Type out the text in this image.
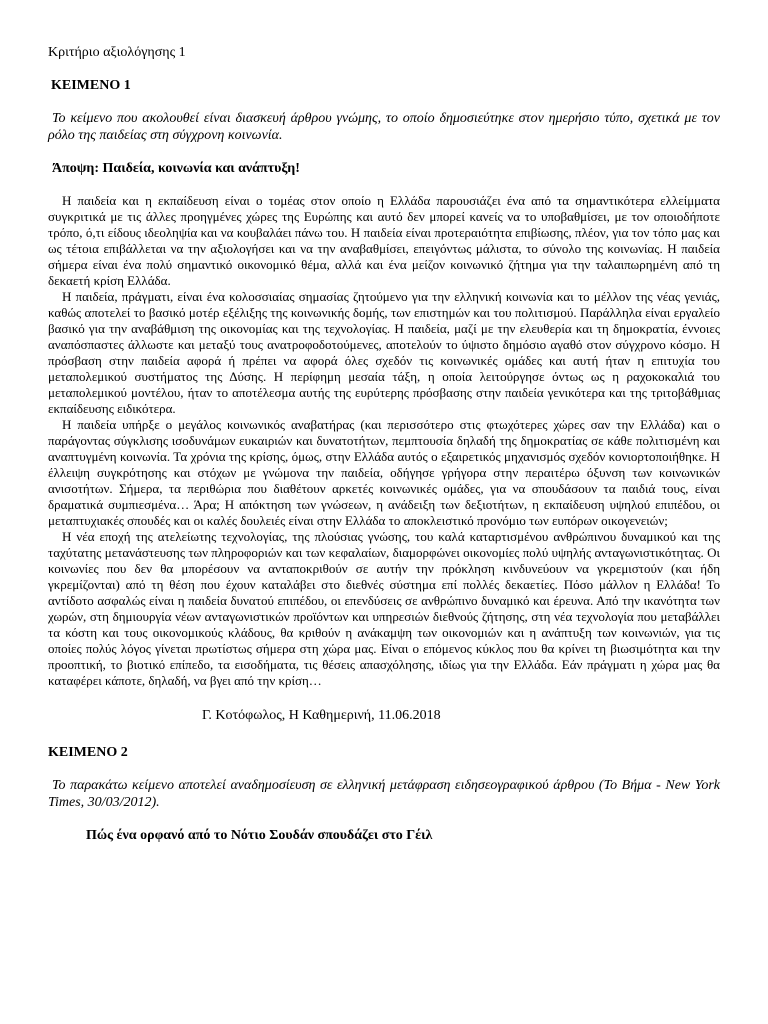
Κριτήριο αξιολόγησης 1
ΚΕΙΜΕΝΟ 1
Το κείμενο που ακολουθεί είναι διασκευή άρθρου γνώμης, το οποίο δημοσιεύτηκε στον ημερήσιο τύπο, σχετικά με τον ρόλο της παιδείας στη σύγχρονη κοινωνία.
Άποψη: Παιδεία, κοινωνία και ανάπτυξη!

Η παιδεία και η εκπαίδευση είναι ο τομέας στον οποίο η Ελλάδα παρουσιάζει ένα από τα σημαντικότερα ελλείμματα συγκριτικά με τις άλλες προηγμένες χώρες της Ευρώπης και αυτό δεν μπορεί κανείς να το υποβαθμίσει, με τον οποιοδήποτε τρόπο, ό,τι είδους ιδεοληψία και να κουβαλάει πάνω του. Η παιδεία είναι προτεραιότητα επιβίωσης, πλέον, για τον τόπο μας και ως τέτοια επιβάλλεται να την αξιολογήσει και να την αναβαθμίσει, επειγόντως μάλιστα, το σύνολο της κοινωνίας. Η παιδεία σήμερα είναι ένα πολύ σημαντικό οικονομικό θέμα, αλλά και ένα μείζον κοινωνικό ζήτημα για την ταλαιπωρημένη από τη δεκαετή κρίση Ελλάδα.

Η παιδεία, πράγματι, είναι ένα κολοσσιαίας σημασίας ζητούμενο για την ελληνική κοινωνία και το μέλλον της νέας γενιάς, καθώς αποτελεί το βασικό μοτέρ εξέλιξης της κοινωνικής δομής, των επιστημών και του πολιτισμού. Παράλληλα είναι εργαλείο βασικό για την αναβάθμιση της οικονομίας και της τεχνολογίας. Η παιδεία, μαζί με την ελευθερία και τη δημοκρατία, έννοιες αναπόσπαστες άλλωστε και μεταξύ τους ανατροφοδοτούμενες, αποτελούν το ύψιστο δημόσιο αγαθό στον σύγχρονο κόσμο. Η πρόσβαση στην παιδεία αφορά ή πρέπει να αφορά όλες σχεδόν τις κοινωνικές ομάδες και αυτή ήταν η επιτυχία του μεταπολεμικού συστήματος της Δύσης. Η περίφημη μεσαία τάξη, η οποία λειτούργησε όντως ως η ραχοκοκαλιά του μεταπολεμικού μοντέλου, ήταν το αποτέλεσμα αυτής της ευρύτερης πρόσβασης στην παιδεία γενικότερα και της τριτοβάθμιας εκπαίδευσης ειδικότερα.

Η παιδεία υπήρξε ο μεγάλος κοινωνικός αναβατήρας (και περισσότερο στις φτωχότερες χώρες σαν την Ελλάδα) και ο παράγοντας σύγκλισης ισοδυνάμων ευκαιριών και δυνατοτήτων, πεμπτουσία δηλαδή της δημοκρατίας σε κάθε πολιτισμένη και αναπτυγμένη κοινωνία. Τα χρόνια της κρίσης, όμως, στην Ελλάδα αυτός ο εξαιρετικός μηχανισμός σχεδόν κονιορτοποιήθηκε. Η έλλειψη συγκρότησης και στόχων με γνώμονα την παιδεία, οδήγησε γρήγορα στην περαιτέρω όξυνση των κοινωνικών ανισοτήτων. Σήμερα, τα περιθώρια που διαθέτουν αρκετές κοινωνικές ομάδες, για να σπουδάσουν τα παιδιά τους, είναι δραματικά συμπιεσμένα… Άρα; Η απόκτηση των γνώσεων, η ανάδειξη των δεξιοτήτων, η εκπαίδευση υψηλού επιπέδου, οι μεταπτυχιακές σπουδές και οι καλές δουλειές είναι στην Ελλάδα το αποκλειστικό προνόμιο των ευπόρων οικογενειών;

Η νέα εποχή της ατελείωτης τεχνολογίας, της πλούσιας γνώσης, του καλά καταρτισμένου ανθρώπινου δυναμικού και της ταχύτατης μετανάστευσης των πληροφοριών και των κεφαλαίων, διαμορφώνει οικονομίες πολύ υψηλής ανταγωνιστικότητας. Οι κοινωνίες που δεν θα μπορέσουν να ανταποκριθούν σε αυτήν την πρόκληση κινδυνεύουν να γκρεμιστούν (και ήδη γκρεμίζονται) από τη θέση που έχουν καταλάβει στο διεθνές σύστημα επί πολλές δεκαετίες. Πόσο μάλλον η Ελλάδα! Το αντίδοτο ασφαλώς είναι η παιδεία δυνατού επιπέδου, οι επενδύσεις σε ανθρώπινο δυναμικό και έρευνα. Από την ικανότητα των χωρών, στη δημιουργία νέων ανταγωνιστικών προϊόντων και υπηρεσιών διεθνούς ζήτησης, στη νέα τεχνολογία που μεταβάλλει τα κόστη και τους οικονομικούς κλάδους, θα κριθούν η ανάκαμψη των οικονομιών και η ανάπτυξη των κοινωνιών, για τις οποίες πολύς λόγος γίνεται πρωτίστως σήμερα στη χώρα μας. Είναι ο επόμενος κύκλος που θα κρίνει τη βιωσιμότητα και την προοπτική, το βιοτικό επίπεδο, τα εισοδήματα, τις θέσεις απασχόλησης, ιδίως για την Ελλάδα. Εάν πράγματι η χώρα μας θα καταφέρει κάποτε, δηλαδή, να βγει από την κρίση…

Γ. Κοτόφωλος, Η Καθημερινή, 11.06.2018
ΚΕΙΜΕΝΟ 2
Το παρακάτω κείμενο αποτελεί αναδημοσίευση σε ελληνική μετάφραση ειδησεογραφικού άρθρου (Το Βήμα - New York Times, 30/03/2012).
Πώς ένα ορφανό από το Νότιο Σουδάν σπουδάζει στο Γέιλ
